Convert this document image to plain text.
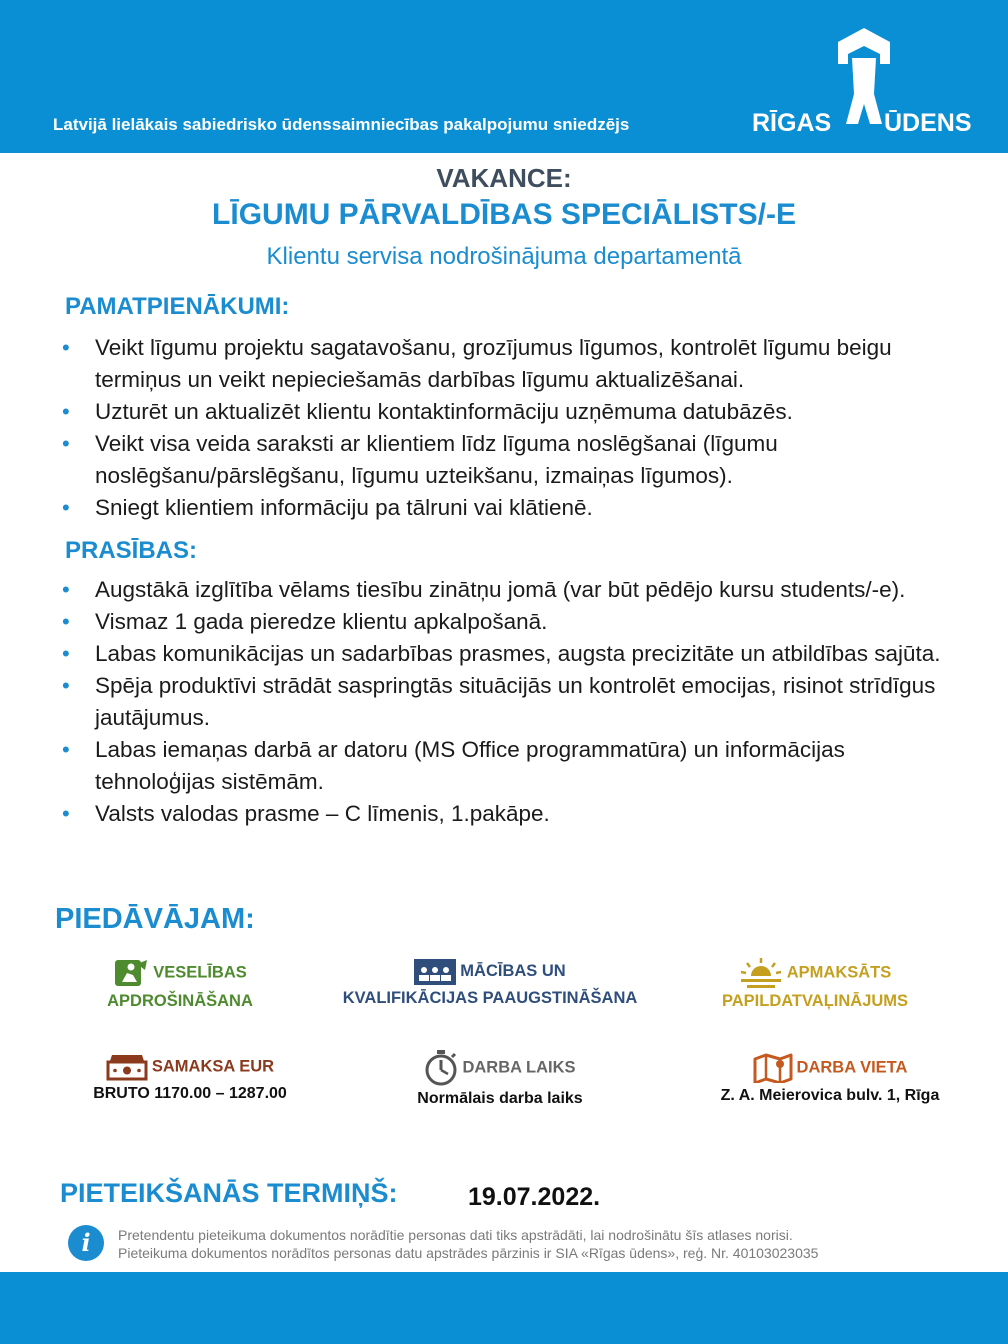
Latvijā lielākais sabiedrisko ūdenssaimniecības pakalpojumu sniedzējs	RĪGAS ŪDENS
VAKANCE:
LĪGUMU PĀRVALDĪBAS SPECIĀLISTS/-E
Klientu servisa nodrošinājuma departamentā
PAMATPIENĀKUMI:
• Veikt līgumu projektu sagatavošanu, grozījumus līgumos, kontrolēt līgumu beigu termiņus un veikt nepieciešamās darbības līgumu aktualizēšanai.
• Uzturēt un aktualizēt klientu kontaktinformāciju uzņēmuma datubāzēs.
• Veikt visa veida saraksti ar klientiem līdz līguma noslēgšanai (līgumu noslēgšanu/pārslēgšanu, līgumu uzteikšanu, izmaiņas līgumos).
• Sniegt klientiem informāciju pa tālruni vai klātienē.
PRASĪBAS:
• Augstākā izglītība vēlams tiesību zinātņu jomā (var būt pēdējo kursu students/-e).
• Vismaz 1 gada pieredze klientu apkalpošanā.
• Labas komunikācijas un sadarbības prasmes, augsta precizitāte un atbildības sajūta.
• Spēja produktīvi strādāt saspringtās situācijās un kontrolēt emocijas, risinot strīdīgus jautājumus.
• Labas iemaņas darbā ar datoru (MS Office programmatūra) un informācijas tehnoloģijas sistēmām.
• Valsts valodas prasme – C līmenis, 1.pakāpe.
PIEDĀVĀJAM:
VESELĪBAS
APDROŠINĀŠANA
MĀCĪBAS UN
KVALIFIKĀCIJAS PAAUGSTINĀŠANA
APMAKSĀTS
PAPILDATVAĻINĀJUMS
SAMAKSA EUR
BRUTO 1170.00 – 1287.00
DARBA LAIKS
Normālais darba laiks
DARBA VIETA
Z. A. Meierovica bulv. 1, Rīga
PIETEIKŠANĀS TERMIŅŠ:	19.07.2022.
i	Pretendentu pieteikuma dokumentos norādītie personas dati tiks apstrādāti, lai nodrošinātu šīs atlases norisi.
Pieteikuma dokumentos norādītos personas datu apstrādes pārzinis ir SIA «Rīgas ūdens», reģ. Nr. 40103023035
